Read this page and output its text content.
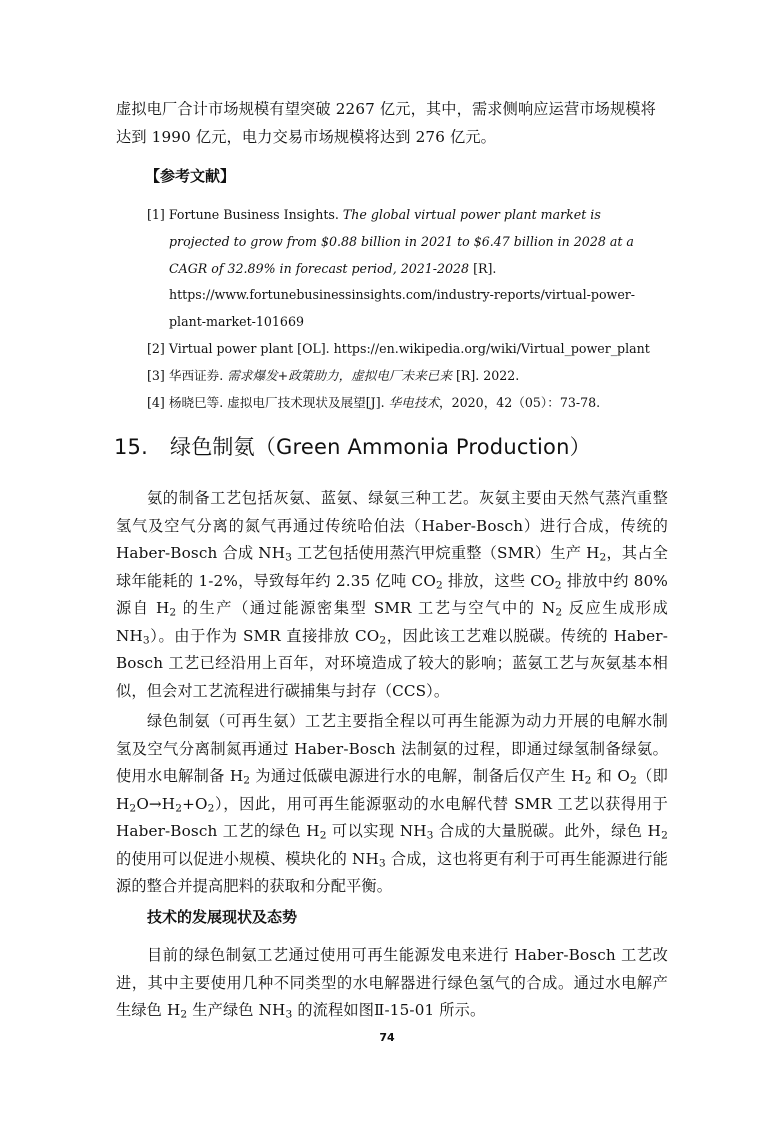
虚拟电厂合计市场规模有望突破 2267 亿元，其中，需求侧响应运营市场规模将
达到 1990 亿元，电力交易市场规模将达到 276 亿元。

【参考文献】
[1] Fortune Business Insights. The global virtual power plant market is projected to grow from $0.88 billion in 2021 to $6.47 billion in 2028 at a CAGR of 32.89% in forecast period, 2021-2028 [R]. https://www.fortunebusinessinsights.com/industry-reports/virtual-power-plant-market-101669
[2] Virtual power plant [OL]. https://en.wikipedia.org/wiki/Virtual_power_plant
[3] 华西证券. 需求爆发+政策助力，虚拟电厂未来已来 [R]. 2022.
[4] 杨晓巳等. 虚拟电厂技术现状及展望[J]. 华电技术，2020，42（05）：73-78.
15. 绿色制氨（Green Ammonia Production）

氨的制备工艺包括灰氨、蓝氨、绿氨三种工艺。灰氨主要由天然气蒸汽重整氢气及空气分离的氮气再通过传统哈伯法（Haber-Bosch）进行合成，传统的 Haber-Bosch 合成 $NH_3$ 工艺包括使用蒸汽甲烷重整（SMR）生产 $H_2$，其占全球年能耗的 1-2%，导致每年约 2.35 亿吨 $CO_2$ 排放，这些 $CO_2$ 排放中约 80%源自 $H_2$ 的生产（通过能源密集型 SMR 工艺与空气中的 $N_2$ 反应生成形成 $NH_3$）。由于作为 SMR 直接排放 $CO_2$，因此该工艺难以脱碳。传统的 Haber-Bosch 工艺已经沿用上百年，对环境造成了较大的影响；蓝氨工艺与灰氨基本相似，但会对工艺流程进行碳捕集与封存（CCS）。

绿色制氨（可再生氨）工艺主要指全程以可再生能源为动力开展的电解水制氢及空气分离制氮再通过 Haber-Bosch 法制氨的过程，即通过绿氢制备绿氨。使用水电解制备 $H_2$ 为通过低碳电源进行水的电解，制备后仅产生 $H_2$ 和 $O_2$（即 $H_2O\to H_2+O_2$），因此，用可再生能源驱动的水电解代替 SMR 工艺以获得用于 Haber-Bosch 工艺的绿色 $H_2$ 可以实现 $NH_3$ 合成的大量脱碳。此外，绿色 $H_2$ 的使用可以促进小规模、模块化的 $NH_3$ 合成，这也将更有利于可再生能源进行能源的整合并提高肥料的获取和分配平衡。

技术的发展现状及态势

目前的绿色制氨工艺通过使用可再生能源发电来进行 Haber-Bosch 工艺改进，其中主要使用几种不同类型的水电解器进行绿色氢气的合成。通过水电解产生绿色 $H_2$ 生产绿色 $NH_3$ 的流程如图Ⅱ-15-01 所示。

74
